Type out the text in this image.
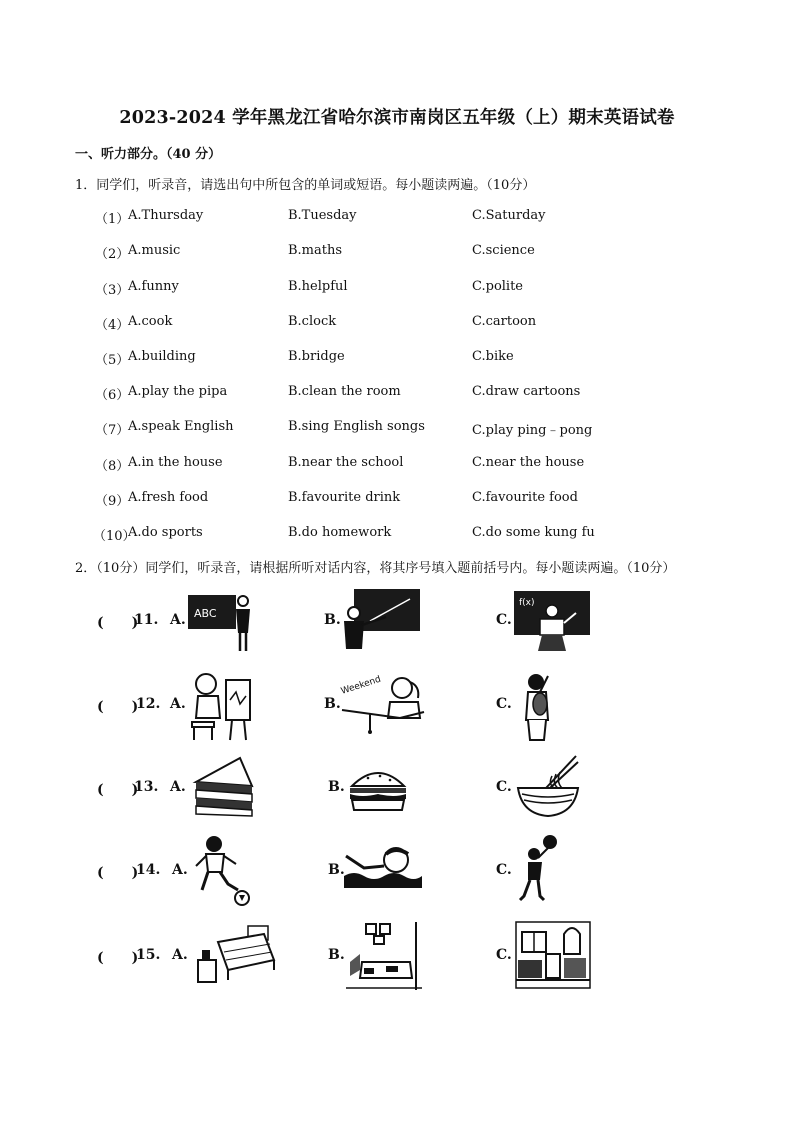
2023-2024 学年黑龙江省哈尔滨市南岗区五年级（上）期末英语试卷
一、听力部分。（40 分）
1．同学们，听录音，请选出句中所包含的单词或短语。每小题读两遍。（10分）
（1）
A.Thursday	B.Tuesday	C.Saturday
（2）
A.music	B.maths	C.science
（3）
A.funny	B.helpful	C.polite
（4）
A.cook	B.clock	C.cartoon
（5）
A.building	B.bridge	C.bike
（6）
A.play the pipa	B.clean the room	C.draw cartoons
（7）
A.speak English	B.sing English songs	C.play ping﹣pong
（8）
A.in the house	B.near the school	C.near the house
（9）
A.fresh food	B.favourite drink	C.favourite food
（10）
A.do sports	B.do homework	C.do some kung fu
2．（10分）同学们，听录音，请根据所听对话内容，将其序号填入题前括号内。每小题读两遍。（10分）
(　　)
11. A. ABC	B.	C.
f(x)
(　　)
12. A.	B.
Weekend
C.
(　　)
13. A.	B.	C.
(　　)
14. A.	B.	C.
(　　)
15. A.	B.	C.
